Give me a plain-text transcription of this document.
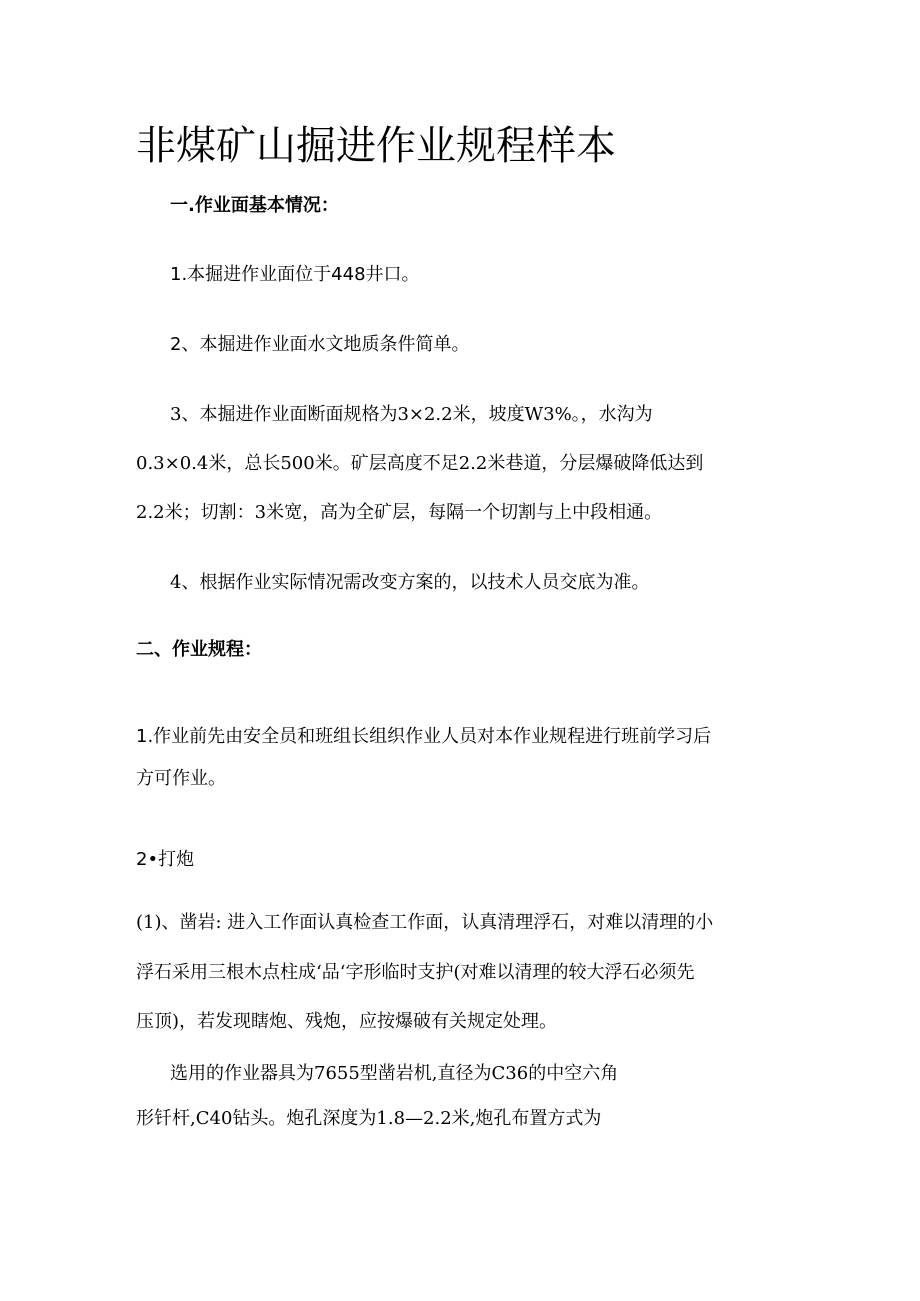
非煤矿山掘进作业规程样本
一.作业面基本情况：
1.本掘进作业面位于448井口。
2、本掘进作业面水文地质条件简单。
3、本掘进作业面断面规格为3×2.2米，坡度W3%。，水沟为
0.3×0.4米，总长500米。矿层高度不足2.2米巷道，分层爆破降低达到
2.2米；切割：3米宽，高为全矿层，每隔一个切割与上中段相通。
4、根据作业实际情况需改变方案的，以技术人员交底为准。
二、作业规程：
1.作业前先由安全员和班组长组织作业人员对本作业规程进行班前学习后
方可作业。
2•打炮
(1)、凿岩: 进入工作面认真检查工作面，认真清理浮石，对难以清理的小
浮石采用三根木点柱成‘品‘字形临时支护(对难以清理的较大浮石必须先
压顶)，若发现瞎炮、残炮，应按爆破有关规定处理。
选用的作业器具为7655型凿岩机,直径为C36的中空六角
形钎杆,C40钻头。炮孔深度为1.8—2.2米,炮孔布置方式为
